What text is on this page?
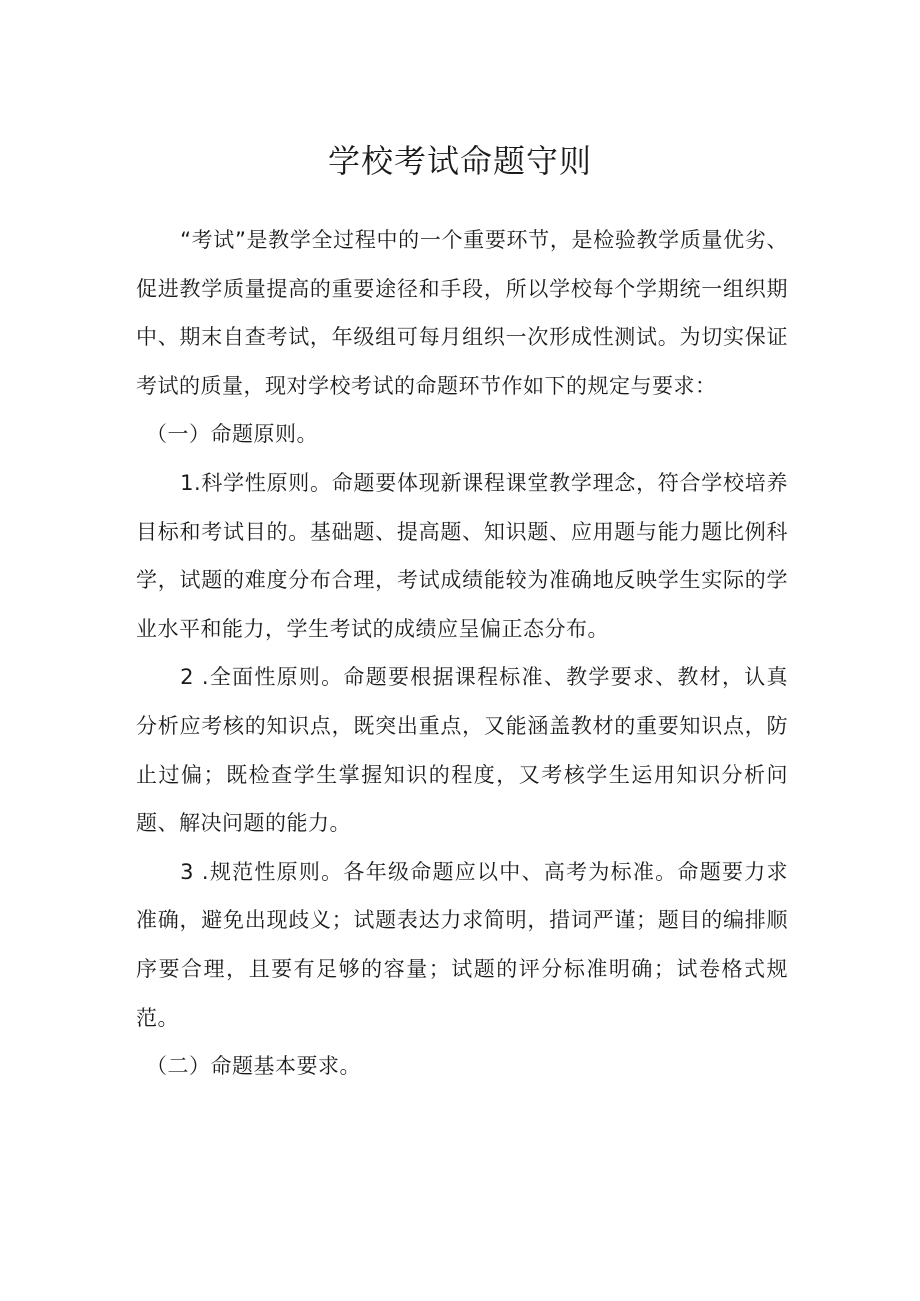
学校考试命题守则

“考试”是教学全过程中的一个重要环节，是检验教学质量优劣、促进教学质量提高的重要途径和手段，所以学校每个学期统一组织期中、期末自查考试，年级组可每月组织一次形成性测试。为切实保证考试的质量，现对学校考试的命题环节作如下的规定与要求：

（一）命题原则。

1.科学性原则。命题要体现新课程课堂教学理念，符合学校培养目标和考试目的。基础题、提高题、知识题、应用题与能力题比例科学，试题的难度分布合理，考试成绩能较为准确地反映学生实际的学业水平和能力，学生考试的成绩应呈偏正态分布。

2 .全面性原则。命题要根据课程标准、教学要求、教材，认真分析应考核的知识点，既突出重点，又能涵盖教材的重要知识点，防止过偏；既检查学生掌握知识的程度，又考核学生运用知识分析问题、解决问题的能力。

3 .规范性原则。各年级命题应以中、高考为标准。命题要力求准确，避免出现歧义；试题表达力求简明，措词严谨；题目的编排顺序要合理，且要有足够的容量；试题的评分标准明确；试卷格式规范。

（二）命题基本要求。
